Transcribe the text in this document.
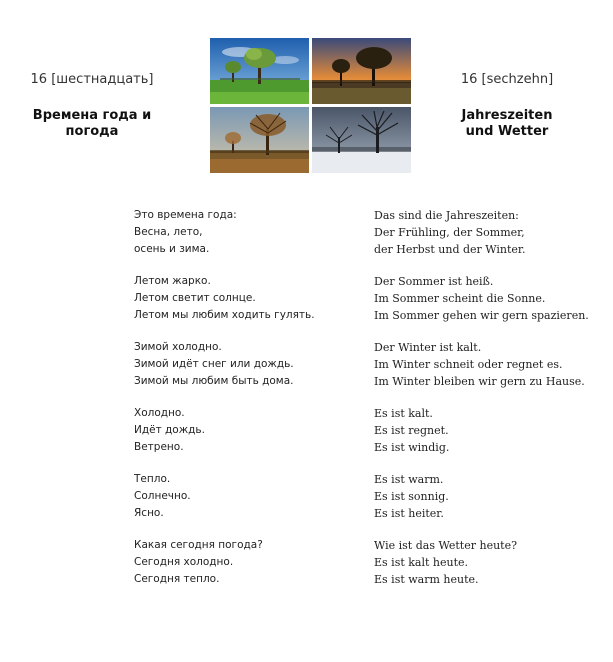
16 [шестнадцать]
Времена года и
погода
16 [sechzehn]
Jahreszeiten
und Wetter
Это времена года:
Весна, лето,
осень и зима.
Летом жарко.
Летом светит солнце.
Летом мы любим ходить гулять.
Зимой холодно.
Зимой идёт снег или дождь.
Зимой мы любим быть дома.
Холодно.
Идёт дождь.
Ветрено.
Тепло.
Солнечно.
Ясно.
Какая сегодня погода?
Сегодня холодно.
Сегодня тепло.
Das sind die Jahreszeiten:
Der Frühling, der Sommer,
der Herbst und der Winter.
Der Sommer ist heiß.
Im Sommer scheint die Sonne.
Im Sommer gehen wir gern spazieren.
Der Winter ist kalt.
Im Winter schneit oder regnet es.
Im Winter bleiben wir gern zu Hause.
Es ist kalt.
Es ist regnet.
Es ist windig.
Es ist warm.
Es ist sonnig.
Es ist heiter.
Wie ist das Wetter heute?
Es ist kalt heute.
Es ist warm heute.
